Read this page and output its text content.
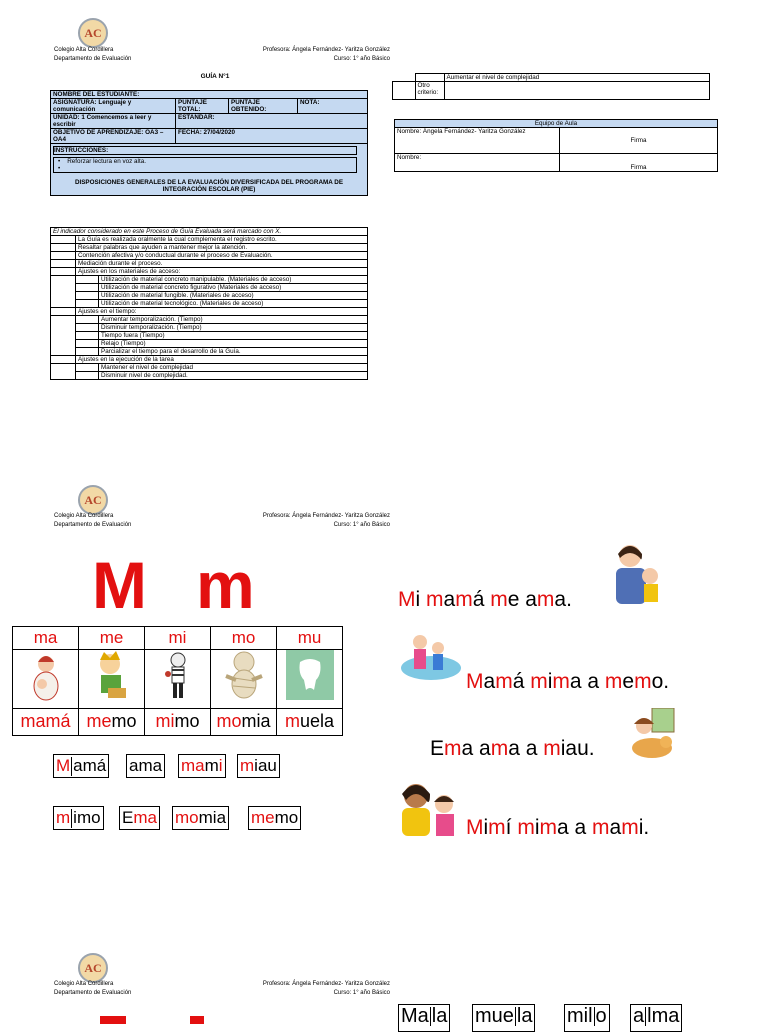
AC
Colegio Alta Cordillera
Departamento de Evaluación
Profesora: Ángela Fernández- Yaritza González
Curso: 1° año Básico
GUÍA N°1
NOMBRE DEL ESTUDIANTE:			
ASIGNATURA: Lenguaje y comunicación	PUNTAJE TOTAL:	PUNTAJE OBTENIDO:	NOTA:
UNIDAD: 1 Comencemos a leer y escribir	ESTANDAR:		
OBJETIVO DE APRENDIZAJE: OA3 –OA4	FECHA: 27/04/2020		

INSTRUCCIONES:
•    Reforzar lectura en voz alta.
•
DISPOSICIONES GENERALES DE LA EVALUACIÓN DIVERSIFICADA DEL PROGRAMA DE INTEGRACIÓN ESCOLAR (PIE)			
El indicador considerado en este Proceso de Guía Evaluada será marcado con X.		
	La Guía es realizada oralmente la cual complementa el registro escrito.	
	Resaltar palabras que ayuden a mantener mejor la atención.	
	Contención afectiva y/o conductual durante el proceso de Evaluación.	
	Mediación durante el proceso.	
	Ajustes en los materiales de acceso:	
		Utilización de material concreto manipulable. (Materiales de acceso)
		Utilización de material concreto figurativo (Materiales de acceso)
		Utilización de material fungible. (Materiales de acceso)
		Utilización de material tecnológico. (Materiales de acceso)
	Ajustes en el tiempo:	
		Aumentar temporalización. (Tiempo)
		Disminuir temporalización. (Tiempo)
		Tiempo fuera (Tiempo)
		Relajo (Tiempo)
		Parcializar el tiempo para el desarrollo de la Guía.
	Ajustes en la ejecución de la tarea	
		Mantener el nivel de complejidad
		Disminuir nivel de complejidad.
		Aumentar el nivel de complejidad
	Otro criterio:	
Equipo de Aula	
Nombre: Ángela Fernández- Yaritza González	Firma
Nombre:	Firma
AC
Colegio Alta Cordillera
Departamento de Evaluación
Profesora: Ángela Fernández- Yaritza González
Curso: 1° año Básico
M m
ma	me	mi	mo	mu

mamá	memo	mimo	momia	muela
M amá ama mami miau
m imo Ema momia memo
Mi mamá me ama.
Mamá mima a memo.
Ema ama a miau.
Mimí mima a mami.
AC
Colegio Alta Cordillera
Departamento de Evaluación
Profesora: Ángela Fernández- Yaritza González
Curso: 1° año Básico
Ma la mue la mil o a lma
